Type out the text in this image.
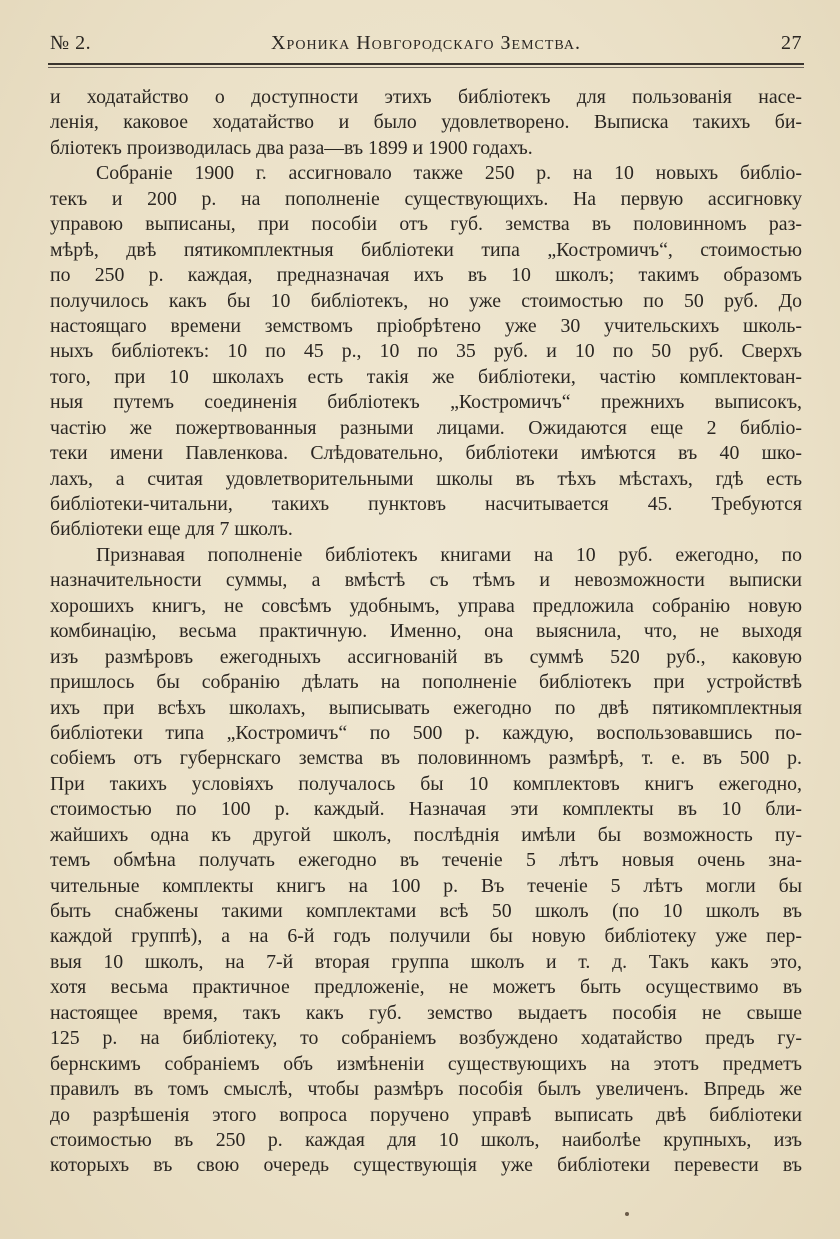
№ 2.	Хроника Новгородскаго Земства.	27
и ходатайство о доступности этихъ библіотекъ для пользованія насе-
ленія, каковое ходатайство и было удовлетворено. Выписка такихъ би-
бліотекъ производилась два раза—въ 1899 и 1900 годахъ.
Собраніе 1900 г. ассигновало также 250 р. на 10 новыхъ библіо-
текъ и 200 р. на пополненіе существующихъ. На первую ассигновку
управою выписаны, при пособіи отъ губ. земства въ половинномъ раз-
мѣрѣ, двѣ пятикомплектныя библіотеки типа „Костромичъ“, стоимостью
по 250 р. каждая, предназначая ихъ въ 10 школъ; такимъ образомъ
получилось какъ бы 10 библіотекъ, но уже стоимостью по 50 руб. До
настоящаго времени земствомъ пріобрѣтено уже 30 учительскихъ школь-
ныхъ библіотекъ: 10 по 45 р., 10 по 35 руб. и 10 по 50 руб. Сверхъ
того, при 10 школахъ есть такія же библіотеки, частію комплектован-
ныя путемъ соединенія библіотекъ „Костромичъ“ прежнихъ выписокъ,
частію же пожертвованныя разными лицами. Ожидаются еще 2 библіо-
теки имени Павленкова. Слѣдовательно, библіотеки имѣются въ 40 шко-
лахъ, а считая удовлетворительными школы въ тѣхъ мѣстахъ, гдѣ есть
библіотеки-читальни, такихъ пунктовъ насчитывается 45. Требуются
библіотеки еще для 7 школъ.
Признавая пополненіе библіотекъ книгами на 10 руб. ежегодно, по
назначительности суммы, а вмѣстѣ съ тѣмъ и невозможности выписки
хорошихъ книгъ, не совсѣмъ удобнымъ, управа предложила собранію новую
комбинацію, весьма практичную. Именно, она выяснила, что, не выходя
изъ размѣровъ ежегодныхъ ассигнованій въ суммѣ 520 руб., каковую
пришлось бы собранію дѣлать на пополненіе библіотекъ при устройствѣ
ихъ при всѣхъ школахъ, выписывать ежегодно по двѣ пятикомплектныя
библіотеки типа „Костромичъ“ по 500 р. каждую, воспользовавшись по-
собіемъ отъ губернскаго земства въ половинномъ размѣрѣ, т. е. въ 500 р.
При такихъ условіяхъ получалось бы 10 комплектовъ книгъ ежегодно,
стоимостью по 100 р. каждый. Назначая эти комплекты въ 10 бли-
жайшихъ одна къ другой школъ, послѣднія имѣли бы возможность пу-
темъ обмѣна получать ежегодно въ теченіе 5 лѣтъ новыя очень зна-
чительные комплекты книгъ на 100 р. Въ теченіе 5 лѣтъ могли бы
быть снабжены такими комплектами всѣ 50 школъ (по 10 школъ въ
каждой группѣ), а на 6-й годъ получили бы новую библіотеку уже пер-
выя 10 школъ, на 7-й вторая группа школъ и т. д. Такъ какъ это,
хотя весьма практичное предложеніе, не можетъ быть осуществимо въ
настоящее время, такъ какъ губ. земство выдаетъ пособія не свыше
125 р. на библіотеку, то собраніемъ возбуждено ходатайство предъ гу-
бернскимъ собраніемъ объ измѣненіи существующихъ на этотъ предметъ
правилъ въ томъ смыслѣ, чтобы размѣръ пособія былъ увеличенъ. Впредь же
до разрѣшенія этого вопроса поручено управѣ выписать двѣ библіотеки
стоимостью въ 250 р. каждая для 10 школъ, наиболѣе крупныхъ, изъ
которыхъ въ свою очередь существующія уже библіотеки перевести въ
